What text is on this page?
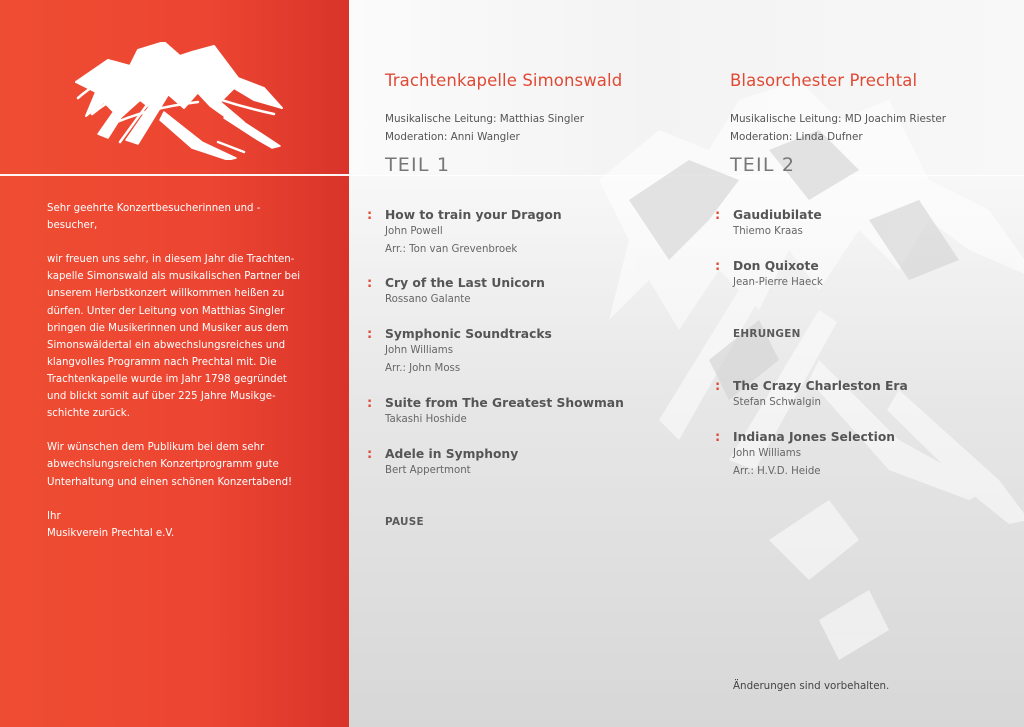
Sehr geehrte Konzertbesucherinnen und -besucher,

wir freuen uns sehr, in diesem Jahr die Trachten-
kapelle Simonswald als musikalischen Partner bei
unserem Herbstkonzert willkommen heißen zu
dürfen. Unter der Leitung von Matthias Singler
bringen die Musikerinnen und Musiker aus dem
Simonswäldertal ein abwechslungsreiches und
klangvolles Programm nach Prechtal mit. Die
Trachtenkapelle wurde im Jahr 1798 gegründet
und blickt somit auf über 225 Jahre Musikge-
schichte zurück.

Wir wünschen dem Publikum bei dem sehr
abwechslungsreichen Konzertprogramm gute
Unterhaltung und einen schönen Konzertabend!

Ihr
Musikverein Prechtal e.V.

Trachtenkapelle Simonswald
Musikalische Leitung: Matthias Singler
Moderation: Anni Wangler
TEIL 1
: How to train your Dragon
John Powell
Arr.: Ton van Grevenbroek
: Cry of the Last Unicorn
Rossano Galante
: Symphonic Soundtracks
John Williams
Arr.: John Moss
: Suite from The Greatest Showman
Takashi Hoshide
: Adele in Symphony
Bert Appertmont
PAUSE
Blasorchester Prechtal
Musikalische Leitung: MD Joachim Riester
Moderation: Linda Dufner
TEIL 2
: Gaudiubilate
Thiemo Kraas
: Don Quixote
Jean-Pierre Haeck
EHRUNGEN
: The Crazy Charleston Era
Stefan Schwalgin
: Indiana Jones Selection
John Williams
Arr.: H.V.D. Heide
Änderungen sind vorbehalten.
